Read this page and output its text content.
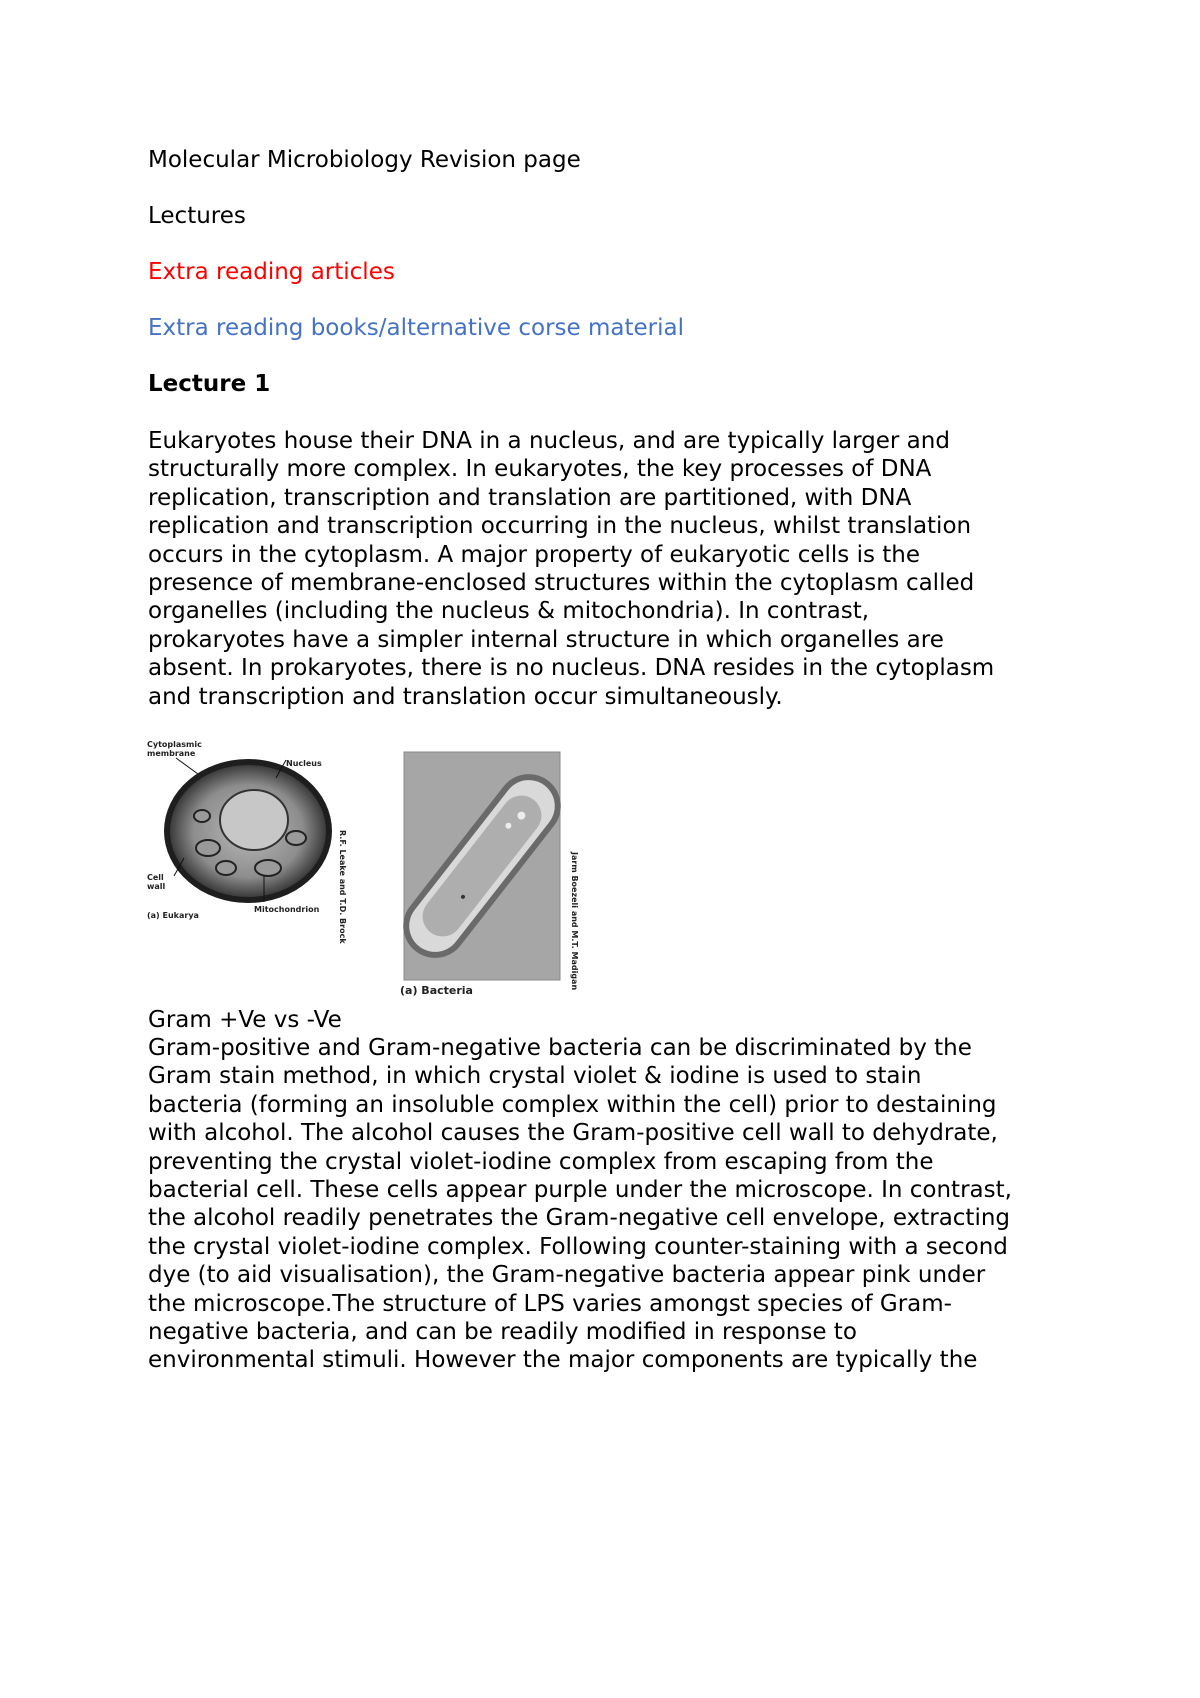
Molecular Microbiology Revision page
Lectures
Extra reading articles
Extra reading books/alternative corse material
Lecture 1
Eukaryotes house their DNA in a nucleus, and are typically larger and
structurally more complex. In eukaryotes, the key processes of DNA
replication, transcription and translation are partitioned, with DNA
replication and transcription occurring in the nucleus, whilst translation
occurs in the cytoplasm. A major property of eukaryotic cells is the
presence of membrane-enclosed structures within the cytoplasm called
organelles (including the nucleus & mitochondria). In contrast,
prokaryotes have a simpler internal structure in which organelles are
absent. In prokaryotes, there is no nucleus. DNA resides in the cytoplasm
and transcription and translation occur simultaneously.
Cytoplasmic
membrane
Nucleus
Cell
wall
Mitochondrion
(a) Eukarya	R.F. Leake and T.D. Brock	Jarm Boezeli and M.T. Madigan
(a) Bacteria
Gram +Ve vs -Ve
Gram-positive and Gram-negative bacteria can be discriminated by the
Gram stain method, in which crystal violet & iodine is used to stain
bacteria (forming an insoluble complex within the cell) prior to destaining
with alcohol. The alcohol causes the Gram-positive cell wall to dehydrate,
preventing the crystal violet-iodine complex from escaping from the
bacterial cell. These cells appear purple under the microscope. In contrast,
the alcohol readily penetrates the Gram-negative cell envelope, extracting
the crystal violet-iodine complex. Following counter-staining with a second
dye (to aid visualisation), the Gram-negative bacteria appear pink under
the microscope.The structure of LPS varies amongst species of Gram-
negative bacteria, and can be readily modified in response to
environmental stimuli. However the major components are typically the
